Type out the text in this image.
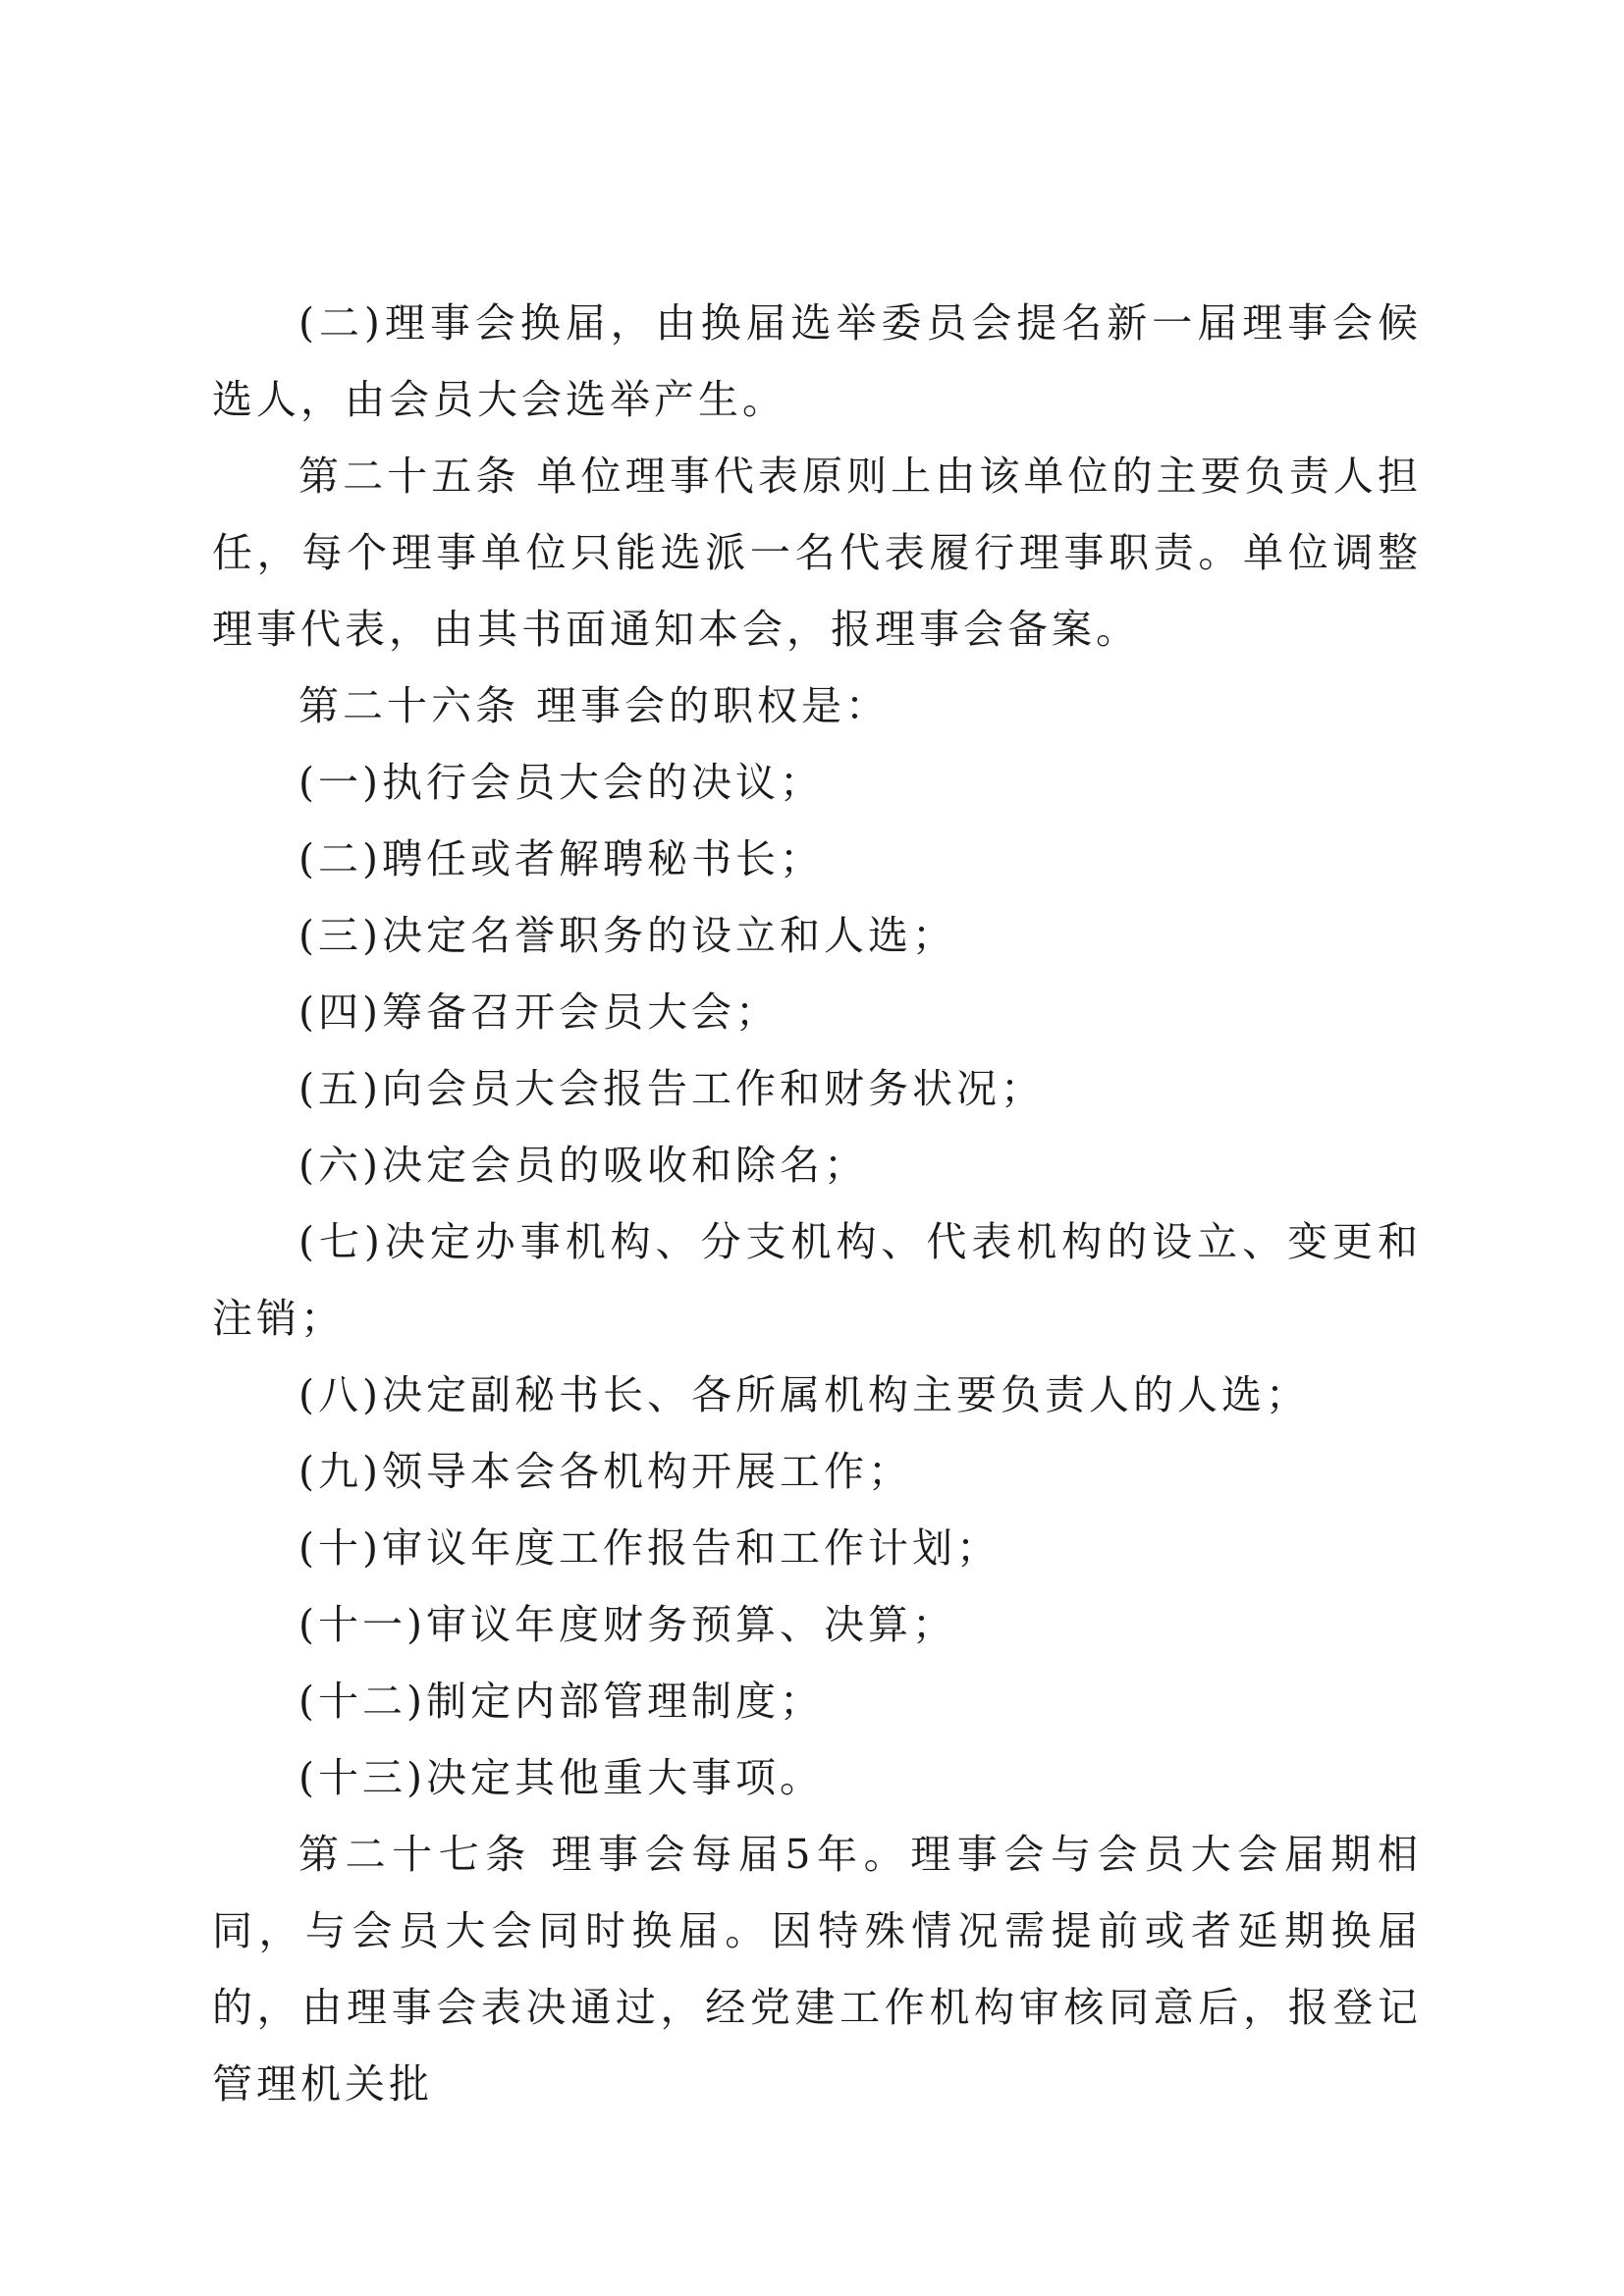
(二)理事会换届，由换届选举委员会提名新一届理事会候选人，由会员大会选举产生。

第二十五条 单位理事代表原则上由该单位的主要负责人担任，每个理事单位只能选派一名代表履行理事职责。单位调整理事代表，由其书面通知本会，报理事会备案。

第二十六条 理事会的职权是：

(一)执行会员大会的决议；

(二)聘任或者解聘秘书长；

(三)决定名誉职务的设立和人选；

(四)筹备召开会员大会；

(五)向会员大会报告工作和财务状况；

(六)决定会员的吸收和除名；

(七)决定办事机构、分支机构、代表机构的设立、变更和注销；

(八)决定副秘书长、各所属机构主要负责人的人选；

(九)领导本会各机构开展工作；

(十)审议年度工作报告和工作计划；

(十一)审议年度财务预算、决算；

(十二)制定内部管理制度；

(十三)决定其他重大事项。

第二十七条 理事会每届5年。理事会与会员大会届期相同，与会员大会同时换届。因特殊情况需提前或者延期换届的，由理事会表决通过，经党建工作机构审核同意后，报登记管理机关批
